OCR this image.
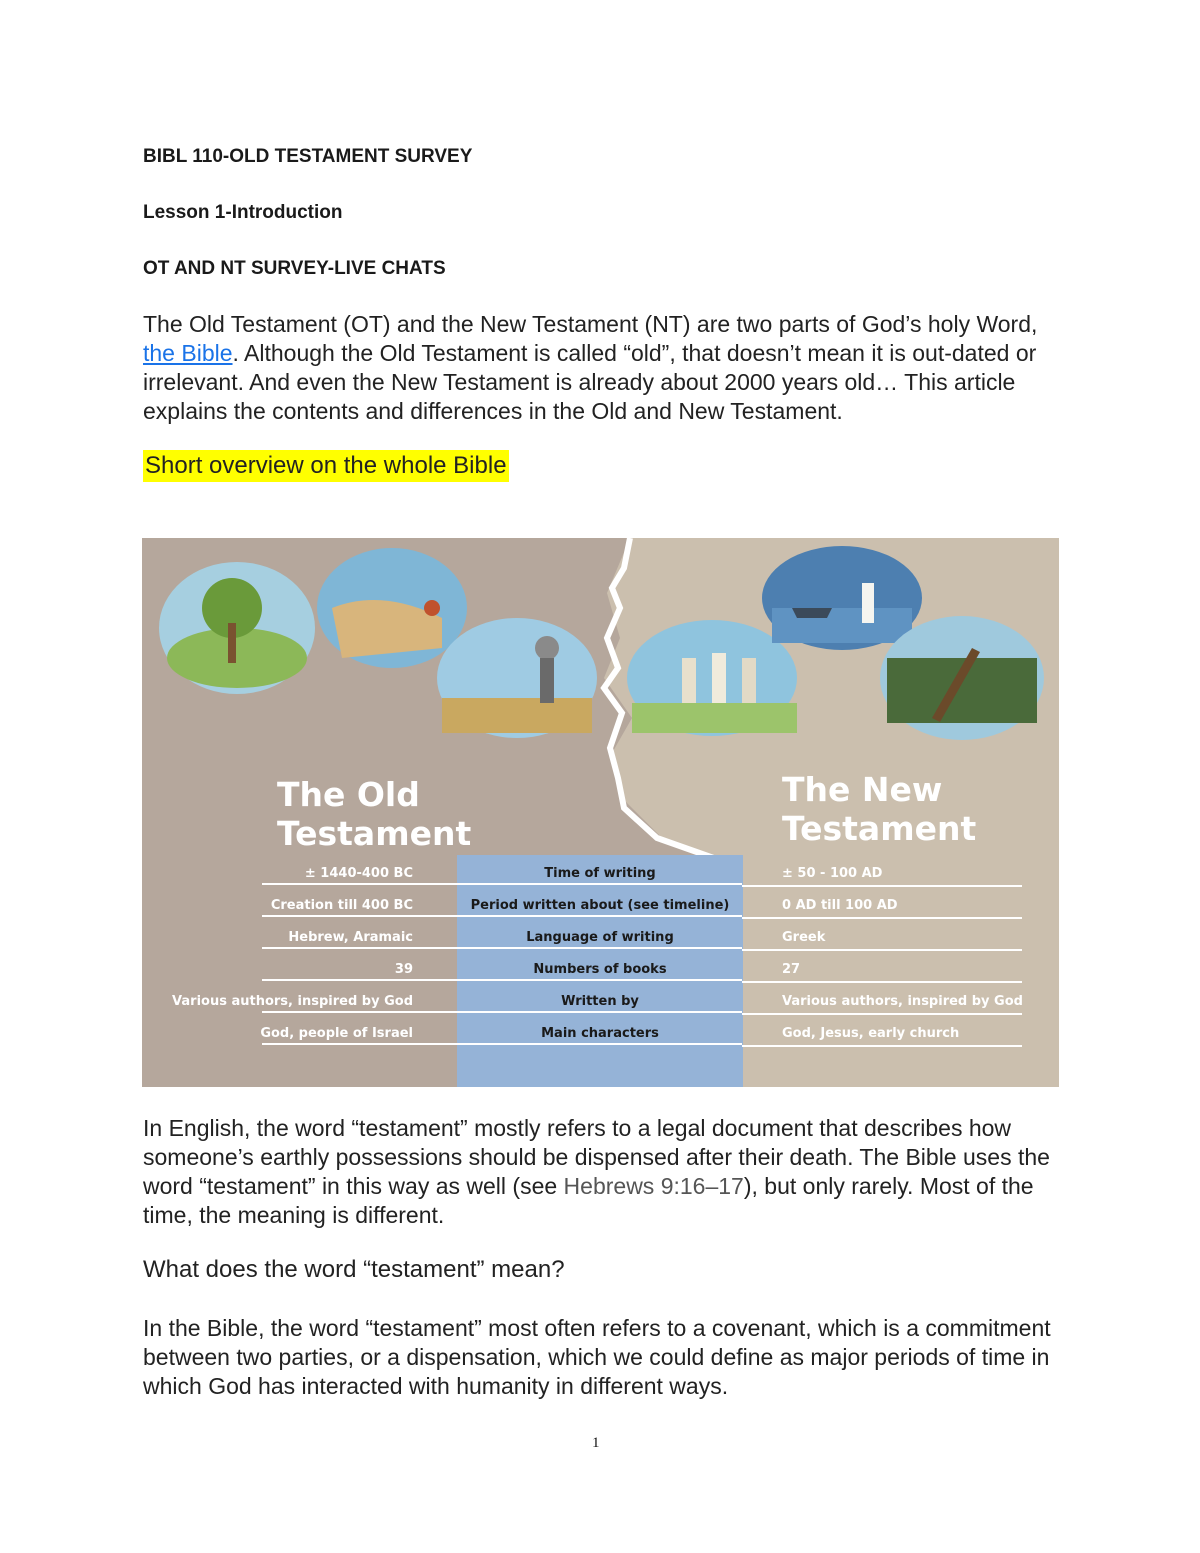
BIBL 110-OLD TESTAMENT SURVEY
Lesson 1-Introduction
OT AND NT SURVEY-LIVE CHATS
The Old Testament (OT) and the New Testament (NT) are two parts of God’s holy Word, the Bible. Although the Old Testament is called “old”, that doesn’t mean it is out-dated or irrelevant. And even the New Testament is already about 2000 years old… This article explains the contents and differences in the Old and New Testament.
Short overview on the whole Bible
The Old
Testament
The New
Testament
± 1440-400 BC	Time of writing	± 50 - 100 AD
Creation till 400 BC	Period written about (see timeline)	0 AD till 100 AD
Hebrew, Aramaic	Language of writing	Greek
39	Numbers of books	27
Various authors, inspired by God	Written by	Various authors, inspired by God
God, people of Israel	Main characters	God, Jesus, early church
In English, the word “testament” mostly refers to a legal document that describes how someone’s earthly possessions should be dispensed after their death. The Bible uses the word “testament” in this way as well (see Hebrews 9:16–17), but only rarely. Most of the time, the meaning is different.
What does the word “testament” mean?
In the Bible, the word “testament” most often refers to a covenant, which is a commitment between two parties, or a dispensation, which we could define as major periods of time in which God has interacted with humanity in different ways.
1
